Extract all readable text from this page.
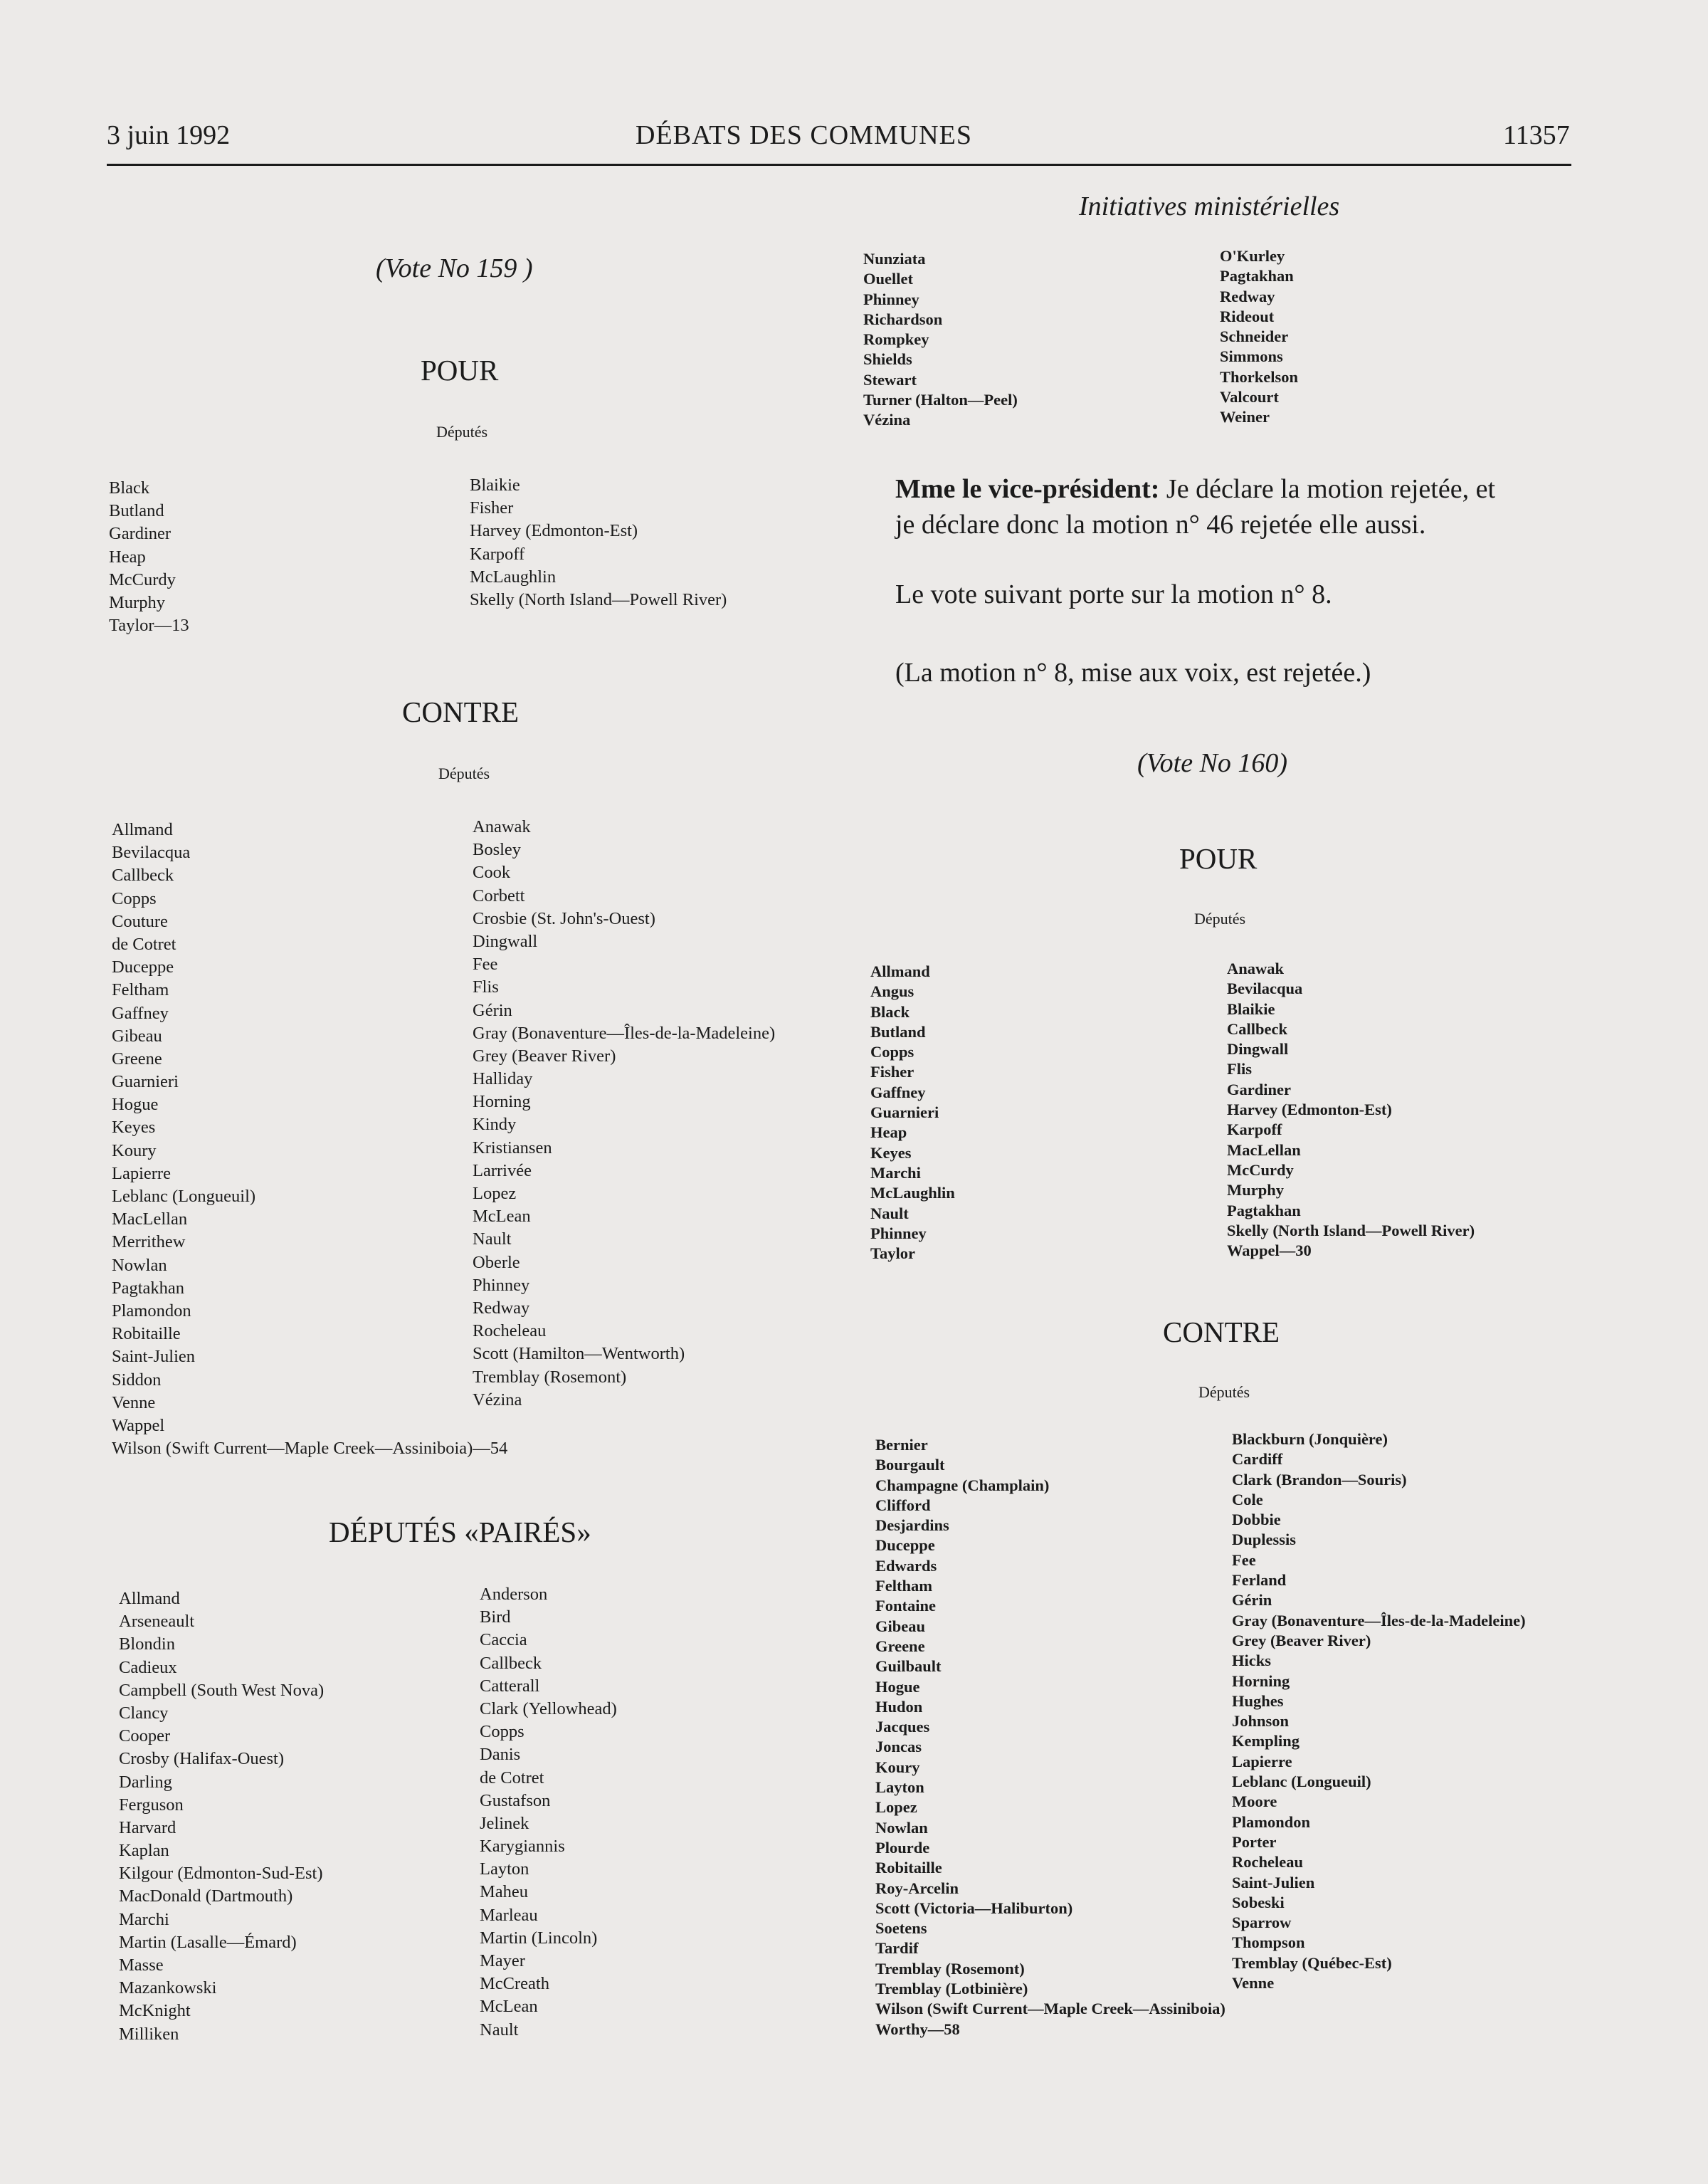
3 juin 1992	DÉBATS DES COMMUNES	11357
Initiatives ministérielles
(Vote No 159 )
POUR
Députés
Black
Butland
Gardiner
Heap
McCurdy
Murphy
Taylor—13
Blaikie
Fisher
Harvey (Edmonton-Est)
Karpoff
McLaughlin
Skelly (North Island—Powell River)
CONTRE
Députés
Allmand
Bevilacqua
Callbeck
Copps
Couture
de Cotret
Duceppe
Feltham
Gaffney
Gibeau
Greene
Guarnieri
Hogue
Keyes
Koury
Lapierre
Leblanc (Longueuil)
MacLellan
Merrithew
Nowlan
Pagtakhan
Plamondon
Robitaille
Saint-Julien
Siddon
Venne
Wappel
Wilson (Swift Current—Maple Creek—Assiniboia)—54
Anawak
Bosley
Cook
Corbett
Crosbie (St. John's-Ouest)
Dingwall
Fee
Flis
Gérin
Gray (Bonaventure—Îles-de-la-Madeleine)
Grey (Beaver River)
Halliday
Horning
Kindy
Kristiansen
Larrivée
Lopez
McLean
Nault
Oberle
Phinney
Redway
Rocheleau
Scott (Hamilton—Wentworth)
Tremblay (Rosemont)
Vézina
DÉPUTÉS «PAIRÉS»
Allmand
Arseneault
Blondin
Cadieux
Campbell (South West Nova)
Clancy
Cooper
Crosby (Halifax-Ouest)
Darling
Ferguson
Harvard
Kaplan
Kilgour (Edmonton-Sud-Est)
MacDonald (Dartmouth)
Marchi
Martin (Lasalle—Émard)
Masse
Mazankowski
McKnight
Milliken
Anderson
Bird
Caccia
Callbeck
Catterall
Clark (Yellowhead)
Copps
Danis
de Cotret
Gustafson
Jelinek
Karygiannis
Layton
Maheu
Marleau
Martin (Lincoln)
Mayer
McCreath
McLean
Nault
Nunziata
Ouellet
Phinney
Richardson
Rompkey
Shields
Stewart
Turner (Halton—Peel)
Vézina
O'Kurley
Pagtakhan
Redway
Rideout
Schneider
Simmons
Thorkelson
Valcourt
Weiner
Mme le vice-président: Je déclare la motion rejetée, et
je déclare donc la motion n° 46 rejetée elle aussi.
Le vote suivant porte sur la motion n° 8.
(La motion n° 8, mise aux voix, est rejetée.)
(Vote No 160)
POUR
Députés
Allmand
Angus
Black
Butland
Copps
Fisher
Gaffney
Guarnieri
Heap
Keyes
Marchi
McLaughlin
Nault
Phinney
Taylor
Anawak
Bevilacqua
Blaikie
Callbeck
Dingwall
Flis
Gardiner
Harvey (Edmonton-Est)
Karpoff
MacLellan
McCurdy
Murphy
Pagtakhan
Skelly (North Island—Powell River)
Wappel—30
CONTRE
Députés
Bernier
Bourgault
Champagne (Champlain)
Clifford
Desjardins
Duceppe
Edwards
Feltham
Fontaine
Gibeau
Greene
Guilbault
Hogue
Hudon
Jacques
Joncas
Koury
Layton
Lopez
Nowlan
Plourde
Robitaille
Roy-Arcelin
Scott (Victoria—Haliburton)
Soetens
Tardif
Tremblay (Rosemont)
Tremblay (Lotbinière)
Wilson (Swift Current—Maple Creek—Assiniboia)
Worthy—58
Blackburn (Jonquière)
Cardiff
Clark (Brandon—Souris)
Cole
Dobbie
Duplessis
Fee
Ferland
Gérin
Gray (Bonaventure—Îles-de-la-Madeleine)
Grey (Beaver River)
Hicks
Horning
Hughes
Johnson
Kempling
Lapierre
Leblanc (Longueuil)
Moore
Plamondon
Porter
Rocheleau
Saint-Julien
Sobeski
Sparrow
Thompson
Tremblay (Québec-Est)
Venne
